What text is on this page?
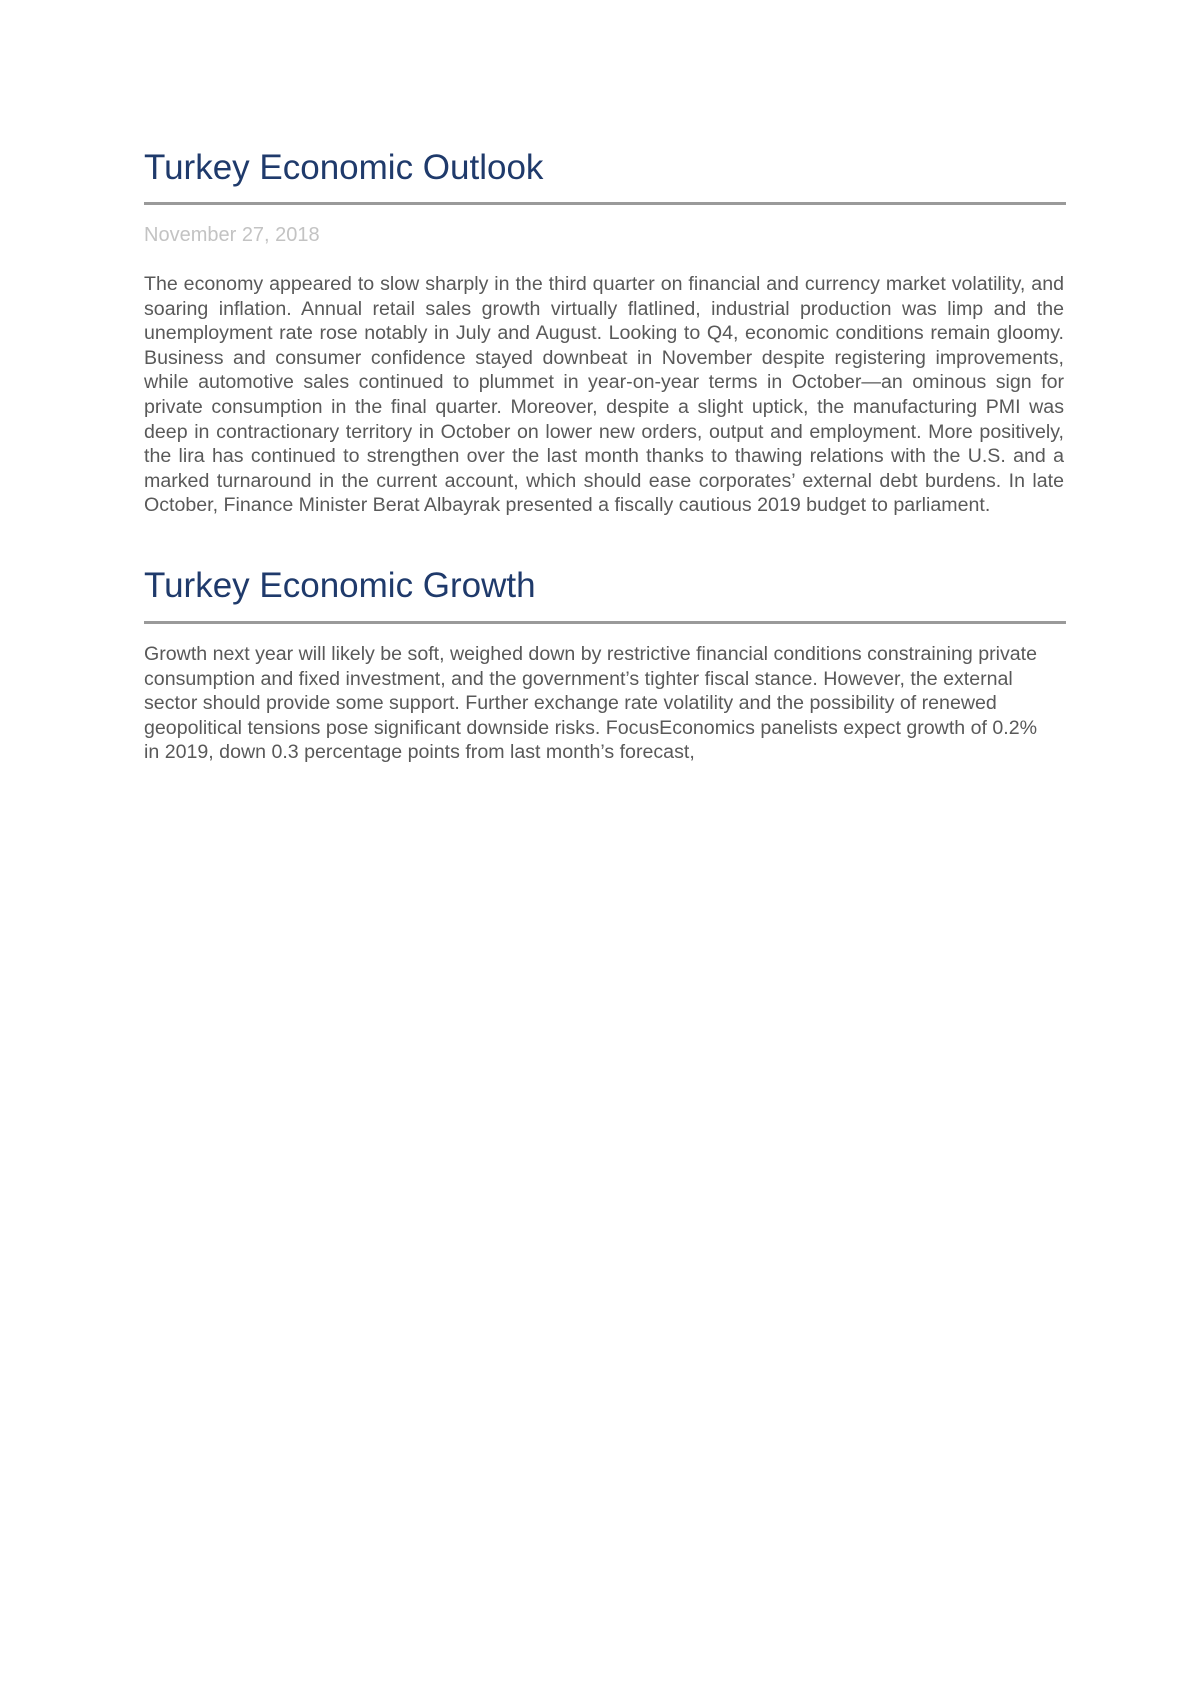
Turkey Economic Outlook
November 27, 2018

The economy appeared to slow sharply in the third quarter on financial and currency market volatility, and soaring inflation. Annual retail sales growth virtually flatlined, industrial production was limp and the unemployment rate rose notably in July and August. Looking to Q4, economic conditions remain gloomy. Business and consumer confidence stayed downbeat in November despite registering improvements, while automotive sales continued to plummet in year-on-year terms in October—an ominous sign for private consumption in the final quarter. Moreover, despite a slight uptick, the manufacturing PMI was deep in contractionary territory in October on lower new orders, output and employment. More positively, the lira has continued to strengthen over the last month thanks to thawing relations with the U.S. and a marked turnaround in the current account, which should ease corporates’ external debt burdens. In late October, Finance Minister Berat Albayrak presented a fiscally cautious 2019 budget to parliament.

Turkey Economic Growth

Growth next year will likely be soft, weighed down by restrictive financial conditions constraining private consumption and fixed investment, and the government’s tighter fiscal stance. However, the external sector should provide some support. Further exchange rate volatility and the possibility of renewed geopolitical tensions pose significant downside risks. FocusEconomics panelists expect growth of 0.2% in 2019, down 0.3 percentage points from last month’s forecast,
